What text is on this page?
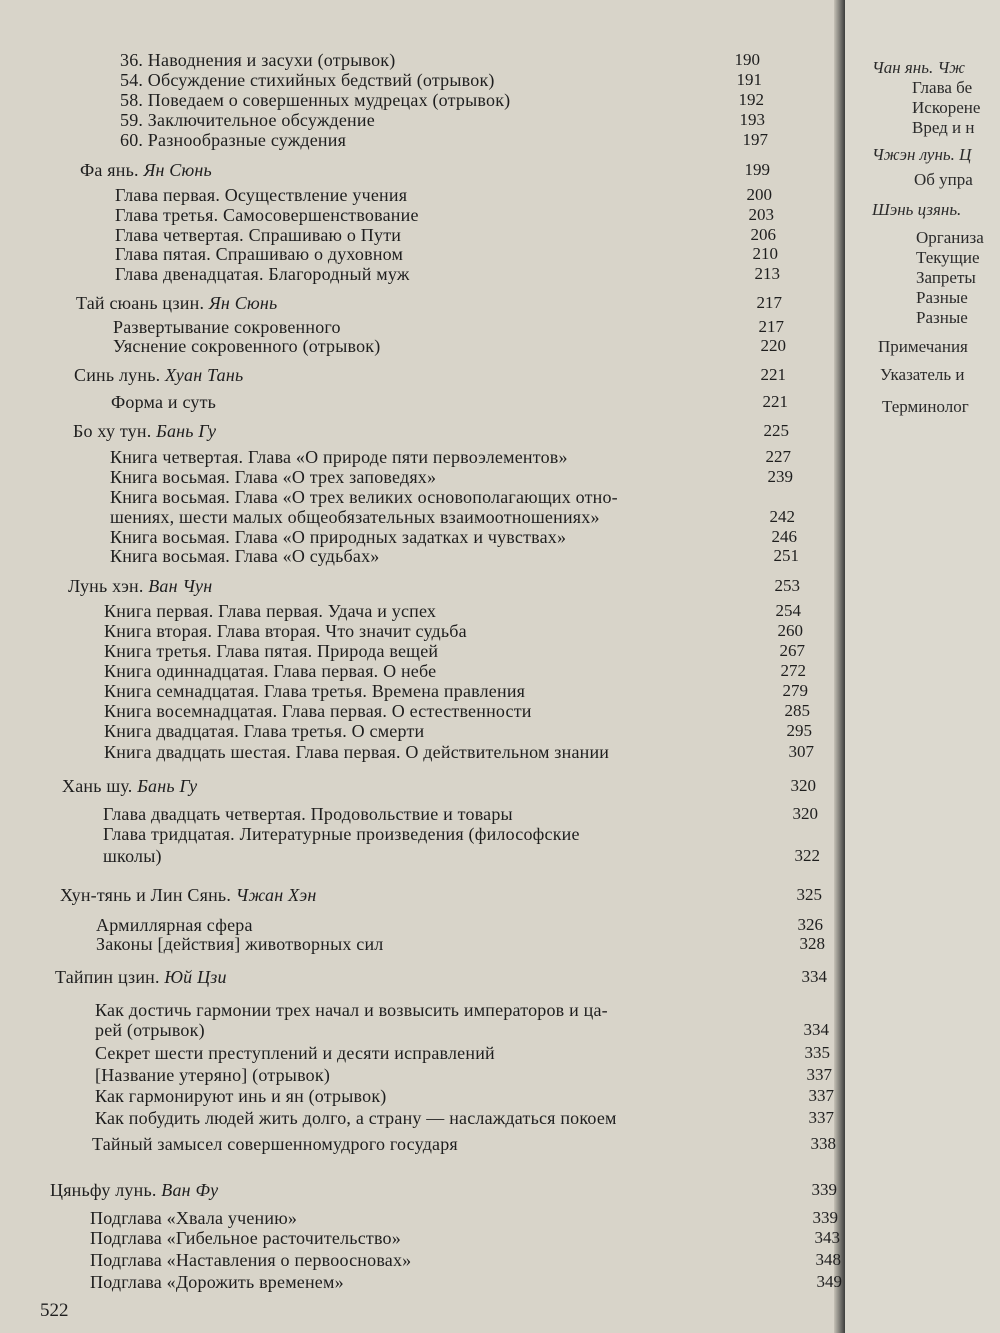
36. Наводнения и засухи (отрывок)	190
54. Обсуждение стихийных бедствий (отрывок)	191
58. Поведаем о совершенных мудрецах (отрывок)	192
59. Заключительное обсуждение	193
60. Разнообразные суждения	197
Фа янь. Ян Сюнь	199
Глава первая. Осуществление учения	200
Глава третья. Самосовершенствование	203
Глава четвертая. Спрашиваю о Пути	206
Глава пятая. Спрашиваю о духовном	210
Глава двенадцатая. Благородный муж	213
Тай сюань цзин. Ян Сюнь	217
Развертывание сокровенного	217
Уяснение сокровенного (отрывок)	220
Синь лунь. Хуан Тань	221
Форма и суть	221
Бо ху тун. Бань Гу	225
Книга четвертая. Глава «О природе пяти первоэлементов»	227
Книга восьмая. Глава «О трех заповедях»	239
Книга восьмая. Глава «О трех великих основополагающих отно-
шениях, шести малых общеобязательных взаимоотношениях»	242
Книга восьмая. Глава «О природных задатках и чувствах»	246
Книга восьмая. Глава «О судьбах»	251
Лунь хэн. Ван Чун	253
Книга первая. Глава первая. Удача и успех	254
Книга вторая. Глава вторая. Что значит судьба	260
Книга третья. Глава пятая. Природа вещей	267
Книга одиннадцатая. Глава первая. О небе	272
Книга семнадцатая. Глава третья. Времена правления	279
Книга восемнадцатая. Глава первая. О естественности	285
Книга двадцатая. Глава третья. О смерти	295
Книга двадцать шестая. Глава первая. О действительном знании	307
Хань шу. Бань Гу	320
Глава двадцать четвертая. Продовольствие и товары	320
Глава тридцатая. Литературные произведения (философские
школы)	322
Хун-тянь и Лин Сянь. Чжан Хэн	325
Армиллярная сфера	326
Законы [действия] животворных сил	328
Тайпин цзин. Юй Цзи	334
Как достичь гармонии трех начал и возвысить императоров и ца-
рей (отрывок)	334
Секрет шести преступлений и десяти исправлений	335
[Название утеряно] (отрывок)	337
Как гармонируют инь и ян (отрывок)	337
Как побудить людей жить долго, а страну — наслаждаться покоем	337
Тайный замысел совершенномудрого государя	338
Цяньфу лунь. Ван Фу	339
Подглава «Хвала учению»	339
Подглава «Гибельное расточительство»	343
Подглава «Наставления о первоосновах»	348
Подглава «Дорожить временем»	349
522
Чан янь. Чж
Глава бе
Искорене
Вред и н
Чжэн лунь. Ц
Об упра
Шэнь цзянь.
Организа
Текущие
Запреты
Разные
Разные
Примечания
Указатель и
Терминолог
